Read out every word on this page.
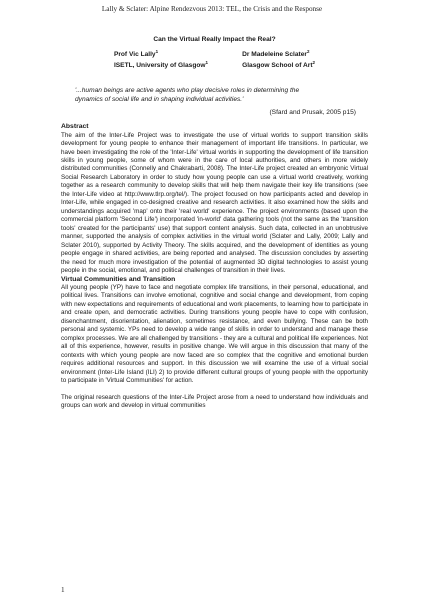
Lally & Sclater: Alpine Rendezvous 2013: TEL, the Crisis and the Response
Can the Virtual Really Impact the Real?
Prof Vic Lally$^1$
ISETL, University of Glasgow$^1$
Dr Madeleine Sclater$^2$
Glasgow School of Art$^2$
'...human beings are active agents who play decisive roles in determining the dynamics of social life and in shaping individual activities.'
(Sfard and Prusak, 2005 p15)
Abstract

The aim of the Inter-Life Project was to investigate the use of virtual worlds to support transition skills development for young people to enhance their management of important life transitions. In particular, we have been investigating the role of the 'Inter-Life' virtual worlds in supporting the development of life transition skills in young people, some of whom were in the care of local authorities, and others in more widely distributed communities (Connelly and Chakrabarti, 2008). The Inter-Life project created an embryonic Virtual Social Research Laboratory in order to study how young people can use a virtual world creatively, working together as a research community to develop skills that will help them navigate their key life transitions (see the Inter-Life video at http://www.tlrp.org/tel/). The project focused on how participants acted and develop in Inter-Life, while engaged in co-designed creative and research activities. It also examined how the skills and understandings acquired 'map' onto their 'real world' experience. The project environments (based upon the commercial platform 'Second Life') incorporated 'in-world' data gathering tools (not the same as the 'transition tools' created for the participants' use) that support content analysis. Such data, collected in an unobtrusive manner, supported the analysis of complex activities in the virtual world (Sclater and Lally, 2009; Lally and Sclater 2010), supported by Activity Theory. The skills acquired, and the development of identities as young people engage in shared activities, are being reported and analysed. The discussion concludes by asserting the need for much more investigation of the potential of augmented 3D digital technologies to assist young people in the social, emotional, and political challenges of transition in their lives.

Virtual Communities and Transition

All young people (YP) have to face and negotiate complex life transitions, in their personal, educational, and political lives. Transitions can involve emotional, cognitive and social change and development, from coping with new expectations and requirements of educational and work placements, to learning how to participate in and create open, and democratic activities. During transitions young people have to cope with confusion, disenchantment, disorientation, alienation, sometimes resistance, and even bullying. These can be both personal and systemic. YPs need to develop a wide range of skills in order to understand and manage these complex processes. We are all challenged by transitions - they are a cultural and political life experiences. Not all of this experience, however, results in positive change. We will argue in this discussion that many of the contexts with which young people are now faced are so complex that the cognitive and emotional burden requires additional resources and support. In this discussion we will examine the use of a virtual social environment (Inter-Life Island (ILI) 2) to provide different cultural groups of young people with the opportunity to participate in 'Virtual Communities' for action.

The original research questions of the Inter-Life Project arose from a need to understand how individuals and groups can work and develop in virtual communities

1
